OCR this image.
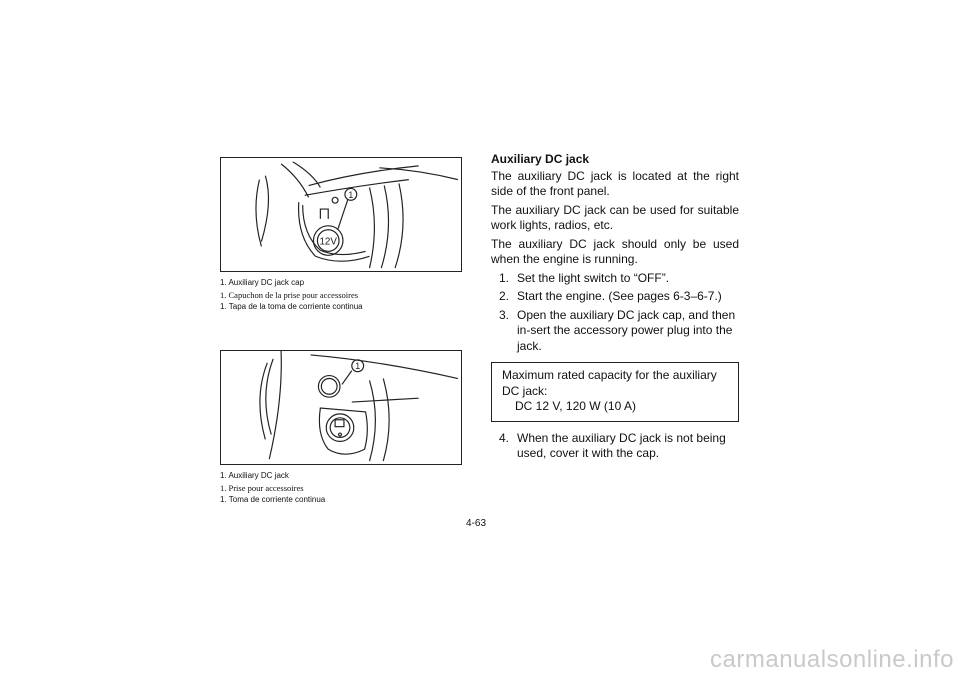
1
12V
1. Auxiliary DC jack cap
1. Capuchon de la prise pour accessoires
1. Tapa de la toma de corriente continua
1
1. Auxiliary DC jack
1. Prise pour accessoires
1. Toma de corriente continua
Auxiliary DC jack

The auxiliary DC jack is located at the right side of the front panel.

The auxiliary DC jack can be used for suitable work lights, radios, etc.

The auxiliary DC jack should only be used when the engine is running.

1. Set the light switch to “OFF”.
2. Start the engine. (See pages 6-3–6-7.)
3. Open the auxiliary DC jack cap, and then in-sert the accessory power plug into the jack.
Maximum rated capacity for the auxiliary DC jack:
DC 12 V, 120 W (10 A)
4. When the auxiliary DC jack is not being used, cover it with the cap.
4-63
carmanualsonline.info
